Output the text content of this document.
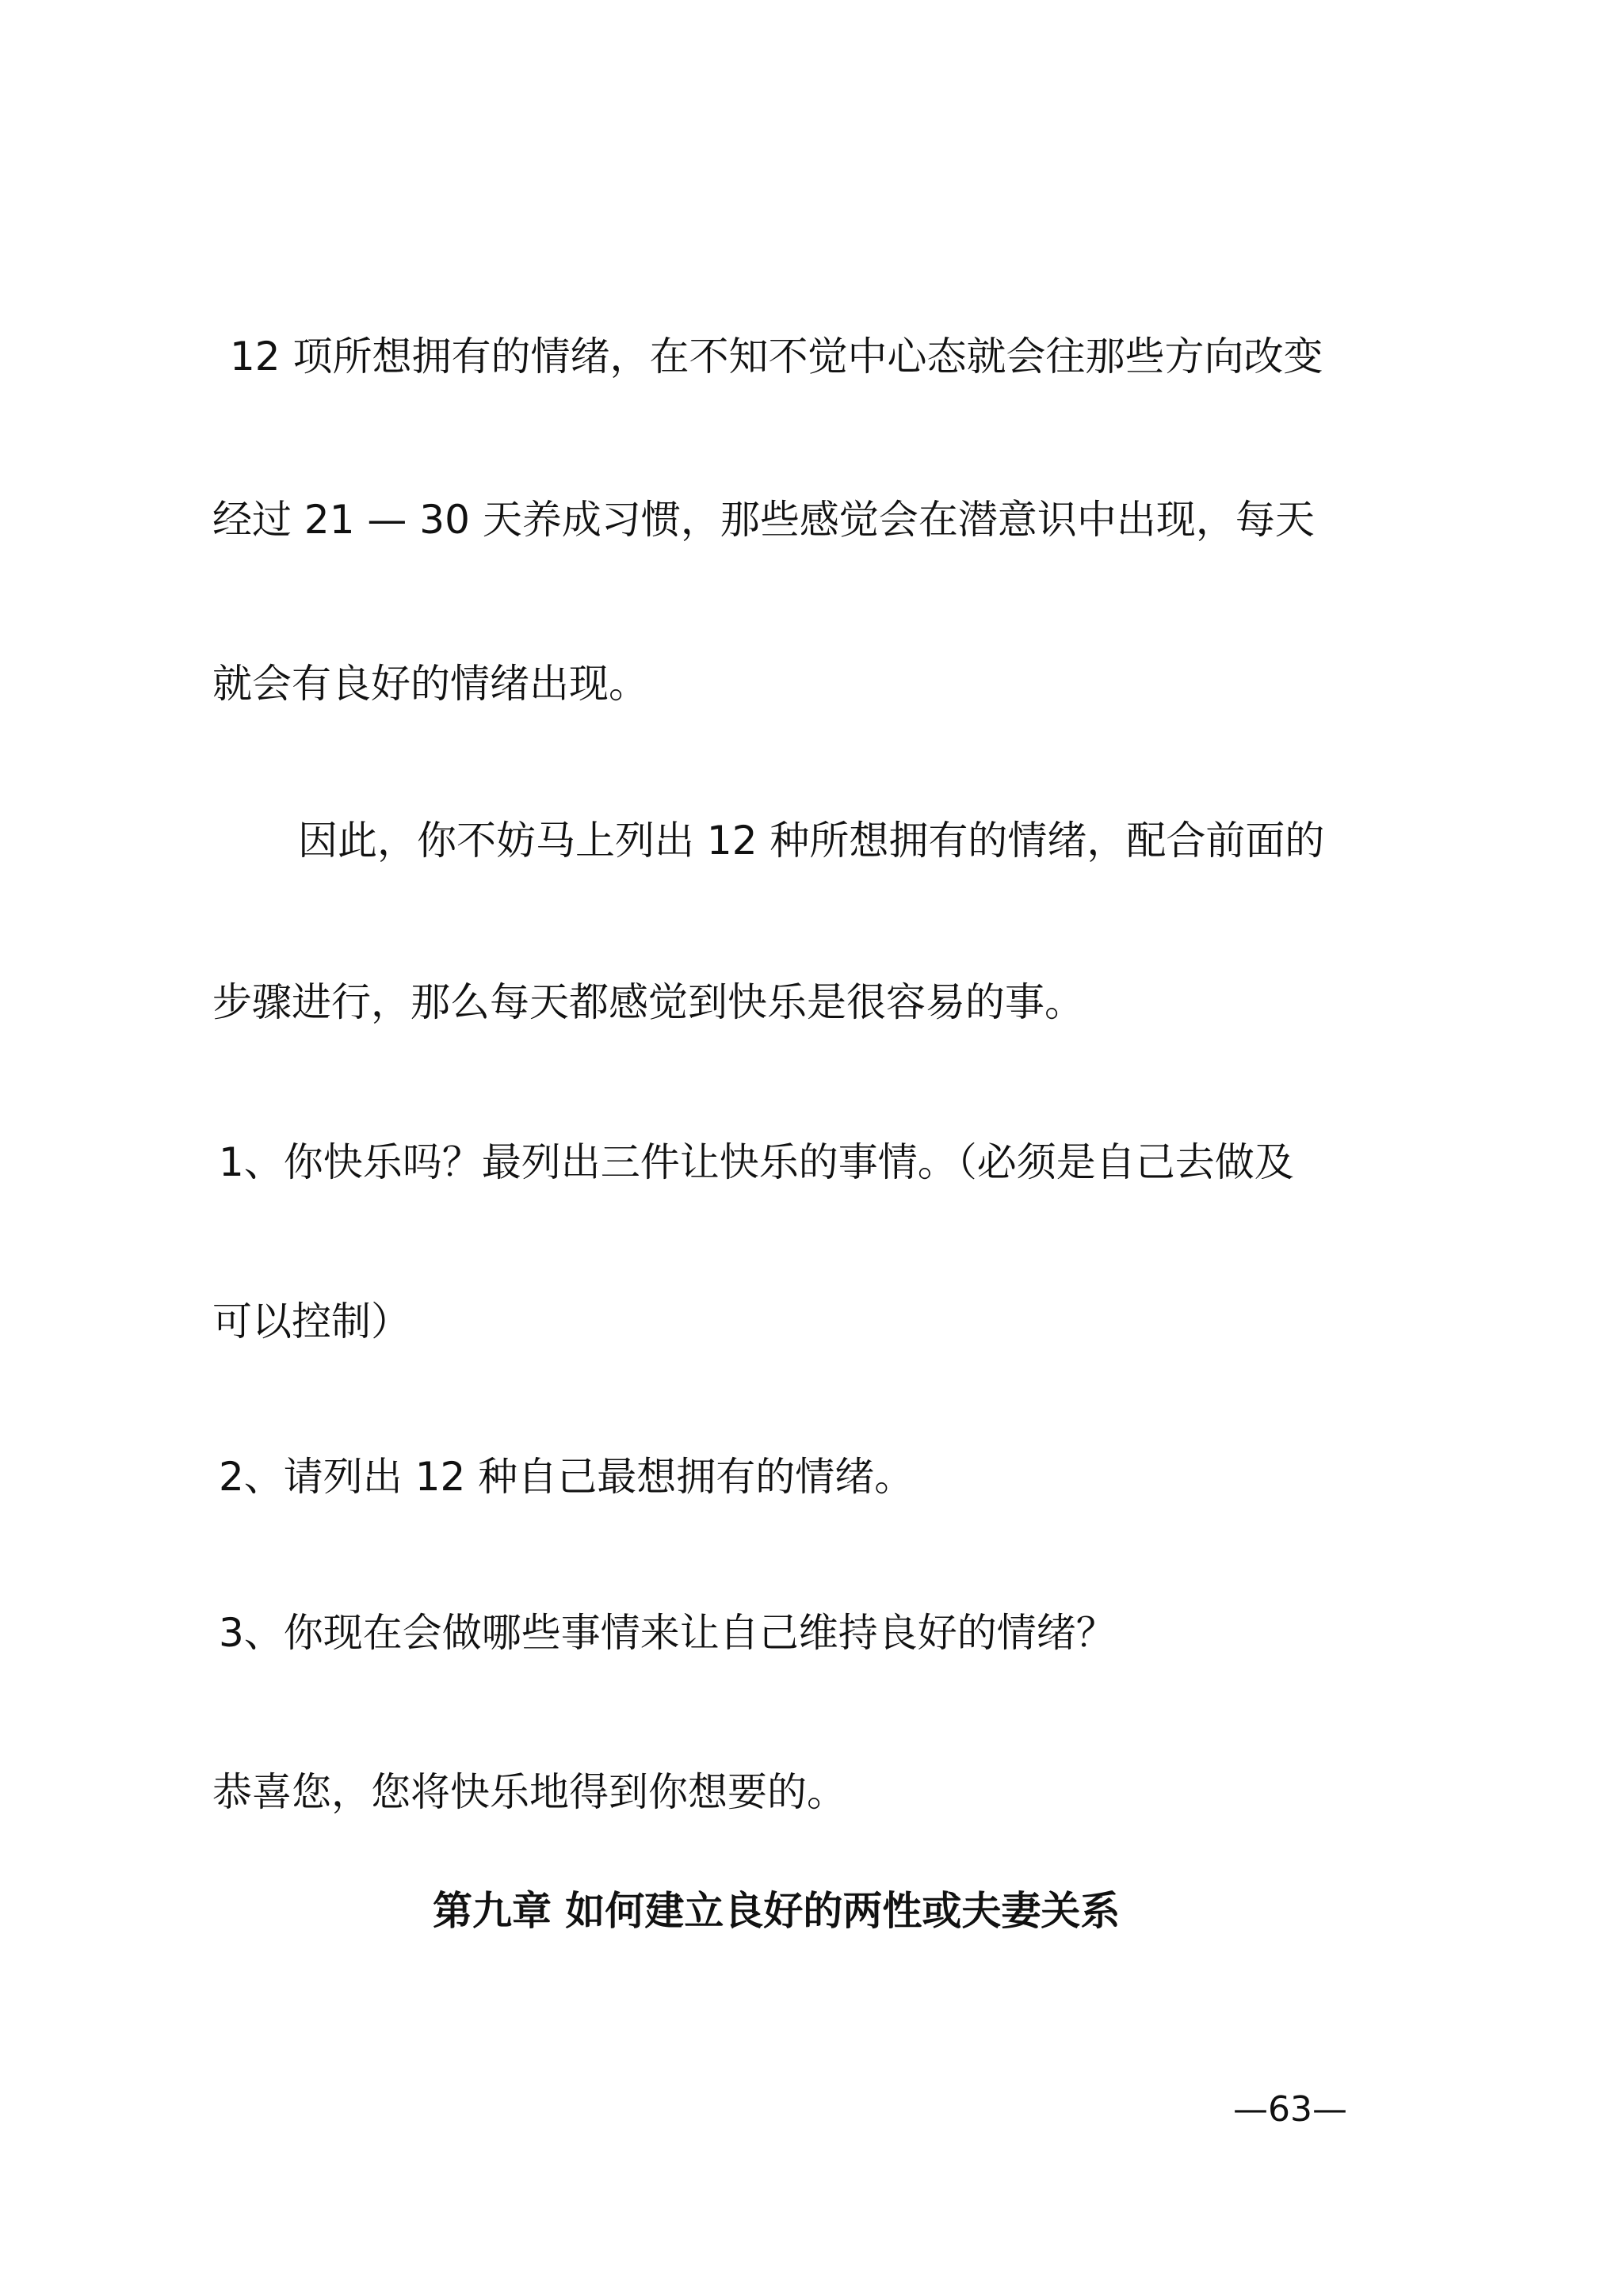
12 项所想拥有的情绪，在不知不觉中心态就会往那些方向改变

经过 21 — 30 天养成习惯，那些感觉会在潜意识中出现，每天

就会有良好的情绪出现。

因此，你不妨马上列出 12 种所想拥有的情绪，配合前面的

步骤进行，那么每天都感觉到快乐是很容易的事。

1、你快乐吗？最列出三件让快乐的事情。（必须是自己去做及

可以控制）

2、请列出 12 种自己最想拥有的情绪。

3、你现在会做哪些事情来让自己维持良好的情绪？

恭喜您，您将快乐地得到你想要的。

第九章 如何建立良好的两性或夫妻关系

—63—
